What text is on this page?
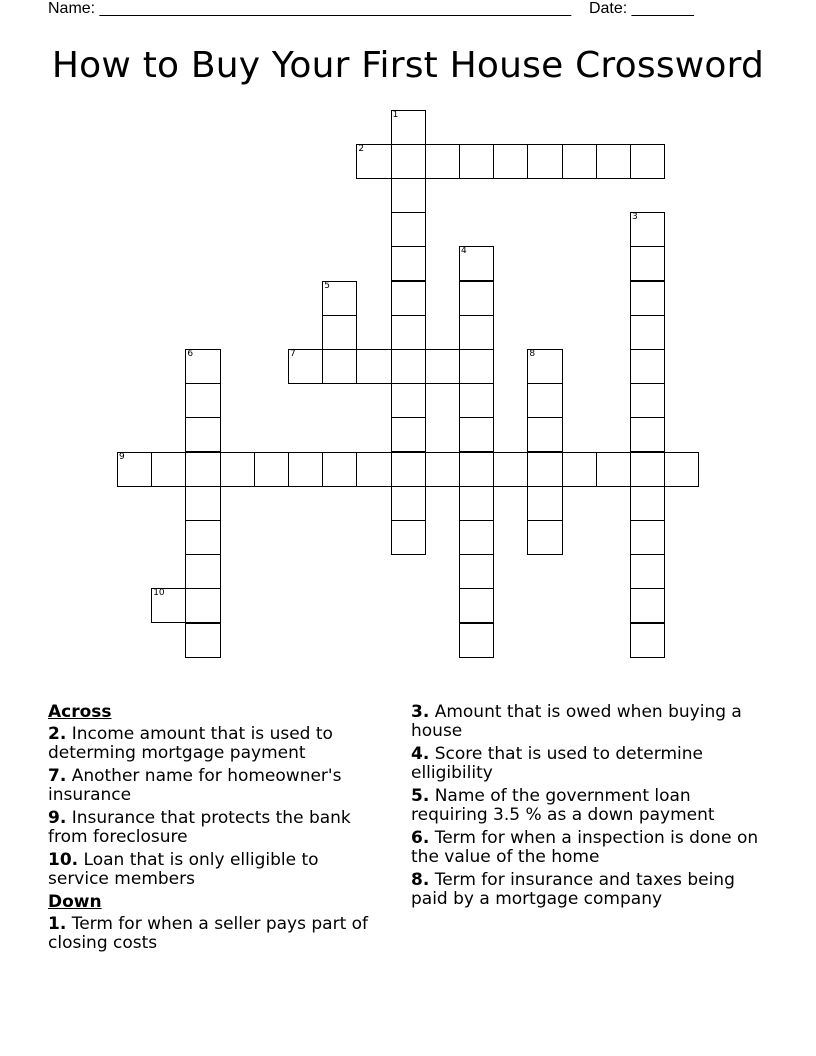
Name: _____________________________________________________ Date: _______
How to Buy Your First House Crossword
1
2
3
4
5
6	7	8
9
10
Across
2. Income amount that is used to determing mortgage payment
7. Another name for homeowner's insurance
9. Insurance that protects the bank from foreclosure
10. Loan that is only elligible to service members
Down
1. Term for when a seller pays part of closing costs
3. Amount that is owed when buying a house
4. Score that is used to determine elligibility
5. Name of the government loan requiring 3.5 % as a down payment
6. Term for when a inspection is done on the value of the home
8. Term for insurance and taxes being paid by a mortgage company
